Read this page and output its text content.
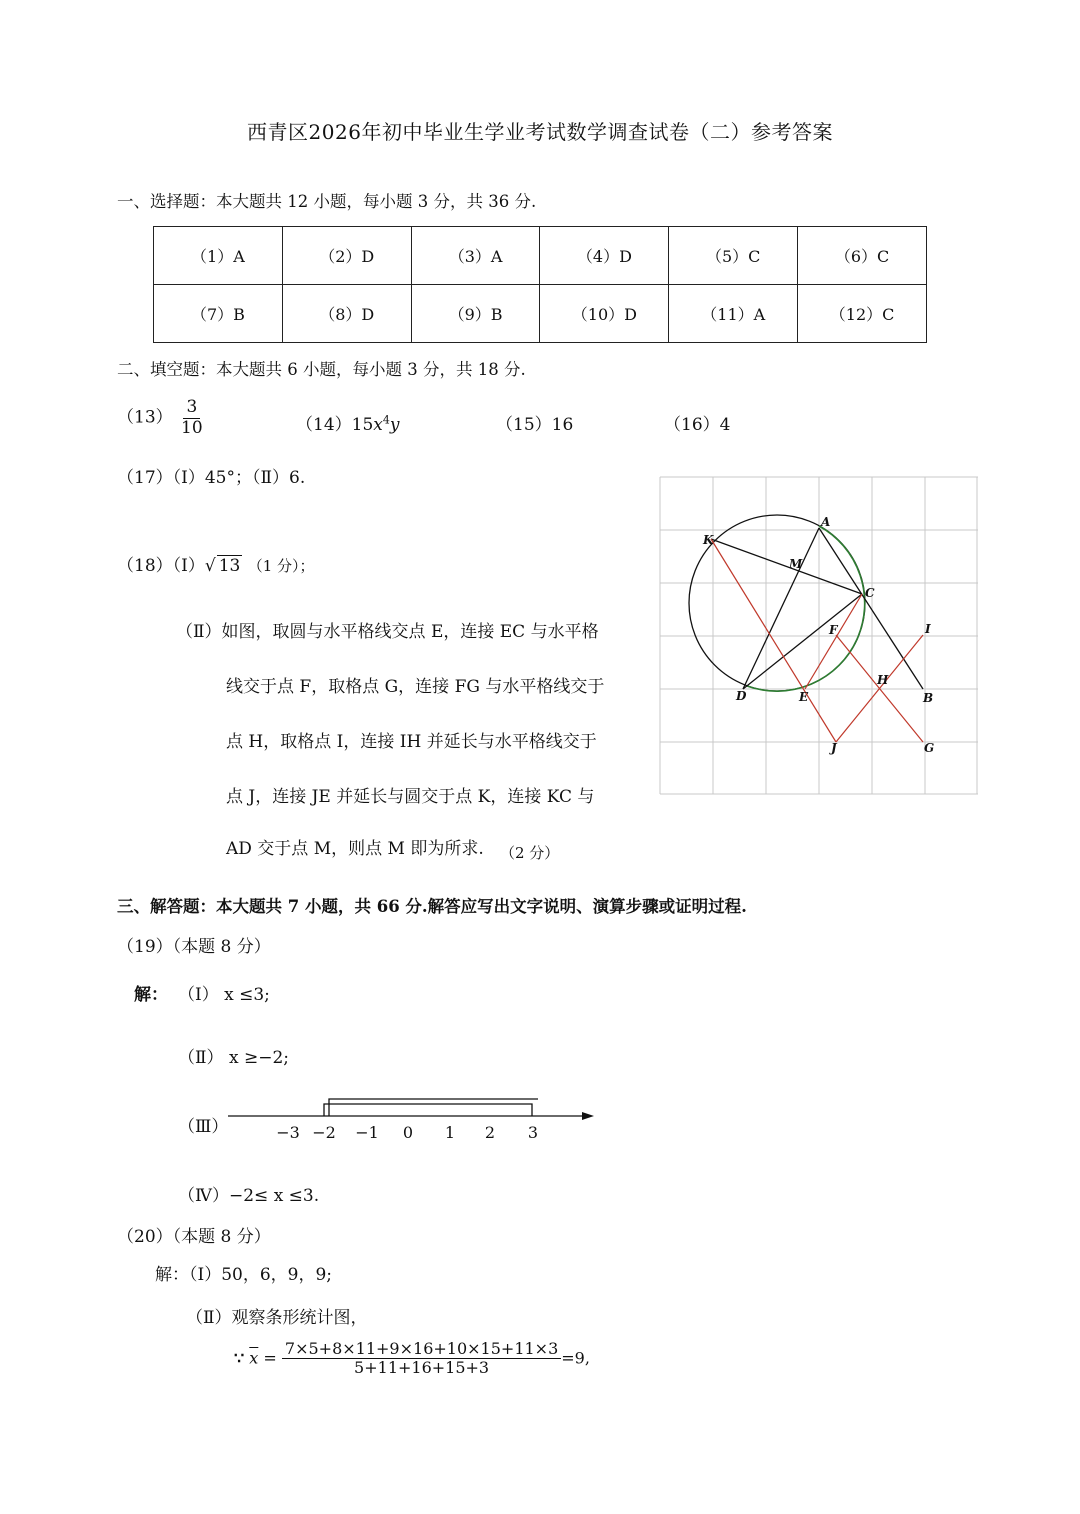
西青区2026年初中毕业生学业考试数学调查试卷（二）参考答案
一、选择题：本大题共 12 小题，每小题 3 分，共 36 分.
（1）A	（2）D	（3）A	（4）D	（5）C	（6）C
（7）B	（8）D	（9）B	（10）D	（11）A	（12）C
二、填空题：本大题共 6 小题，每小题 3 分，共 18 分.
$(13) \frac{3}{10}$	$(14)15x^4y$	（15）16	（16）4
（17）（Ⅰ）45°；（Ⅱ）6.
（18）（Ⅰ）√ 13 （1 分）；
（Ⅱ）如图，取圆与水平格线交点 E，连接 EC 与水平格
线交于点 F，取格点 G，连接 FG 与水平格线交于
点 H，取格点 I，连接 IH 并延长与水平格线交于
点 J，连接 JE 并延长与圆交于点 K，连接 KC 与
AD 交于点 M，则点 M 即为所求. （2 分）
A
B
C
D	E
F
G
H
I
J
K
M
三、解答题：本大题共 7 小题，共 66 分.解答应写出文字说明、演算步骤或证明过程.
（19）（本题 8 分）
解： （Ⅰ） x ≤3;
（Ⅱ） x ≥−2;
（Ⅲ）	−3 −2 −1 0 1 2 3
（Ⅳ）−2≤ x ≤3.
（20）（本题 8 分）
解：（Ⅰ）50，6，9，9;
（Ⅱ）观察条形统计图，
∵ $\overline{x} = \frac{7\times 5+8\times 11+9\times 16+10\times 15+11\times 3}{5+11+16+15+3} =9$,
